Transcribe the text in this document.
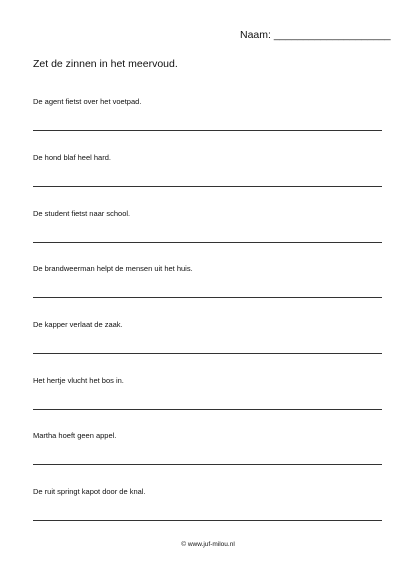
Naam: ____________________
Zet de zinnen in het meervoud.
De agent fietst over het voetpad.
De hond blaf heel hard.
De student fietst naar school.
De brandweerman helpt de mensen uit het huis.
De kapper verlaat de zaak.
Het hertje vlucht het bos in.
Martha hoeft geen appel.
De ruit springt kapot door de knal.
© www.juf-milou.nl
